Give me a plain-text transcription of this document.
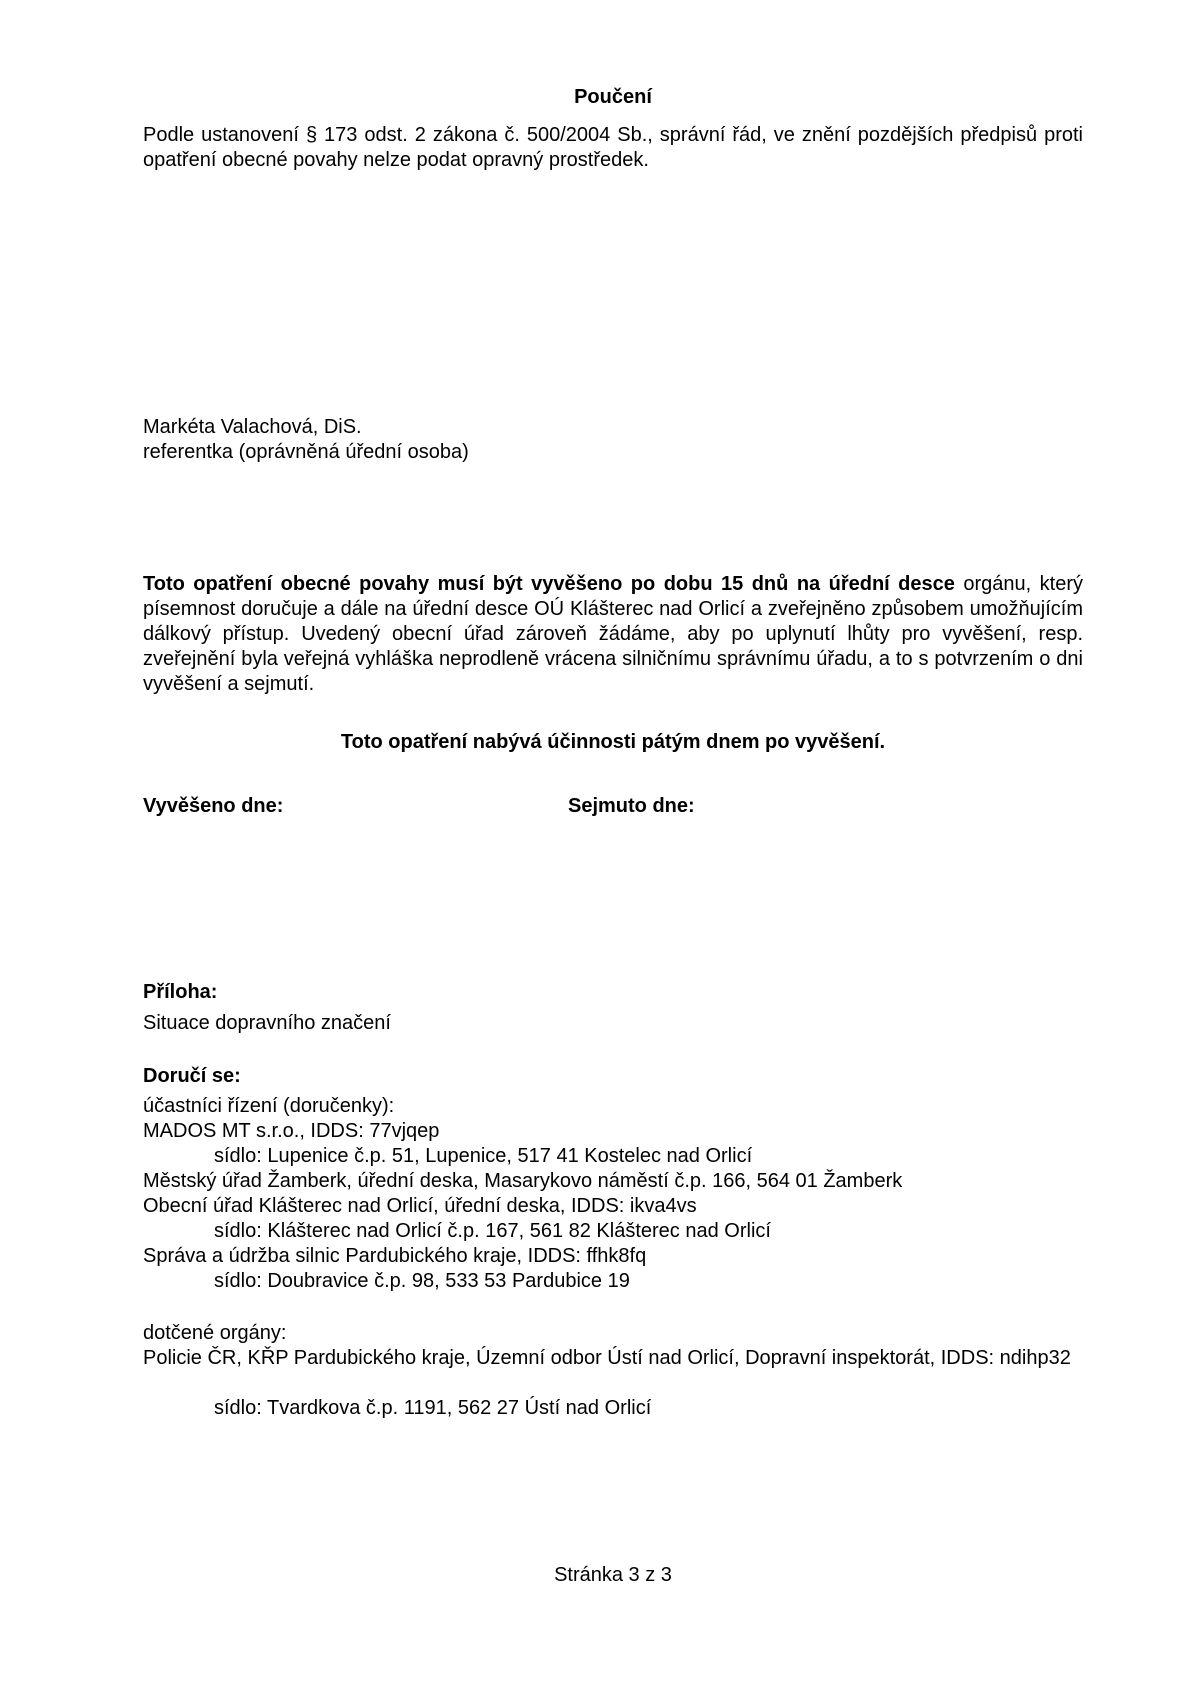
Poučení

Podle ustanovení § 173 odst. 2 zákona č. 500/2004 Sb., správní řád, ve znění pozdějších předpisů proti opatření obecné povahy nelze podat opravný prostředek.

Markéta Valachová, DiS.
referentka (oprávněná úřední osoba)

Toto opatření obecné povahy musí být vyvěšeno po dobu 15 dnů na úřední desce orgánu, který písemnost doručuje a dále na úřední desce OÚ Klášterec nad Orlicí a zveřejněno způsobem umožňujícím dálkový přístup. Uvedený obecní úřad zároveň žádáme, aby po uplynutí lhůty pro vyvěšení, resp. zveřejnění byla veřejná vyhláška neprodleně vrácena silničnímu správnímu úřadu, a to s potvrzením o dni vyvěšení a sejmutí.

Toto opatření nabývá účinnosti pátým dnem po vyvěšení.
Vyvěšeno dne:	Sejmuto dne:
Příloha:
Situace dopravního značení
Doručí se:
účastníci řízení (doručenky):
MADOS MT s.r.o., IDDS: 77vjqep
sídlo: Lupenice č.p. 51, Lupenice, 517 41 Kostelec nad Orlicí
Městský úřad Žamberk, úřední deska, Masarykovo náměstí č.p. 166, 564 01 Žamberk
Obecní úřad Klášterec nad Orlicí, úřední deska, IDDS: ikva4vs
sídlo: Klášterec nad Orlicí č.p. 167, 561 82 Klášterec nad Orlicí
Správa a údržba silnic Pardubického kraje, IDDS: ffhk8fq
sídlo: Doubravice č.p. 98, 533 53 Pardubice 19
dotčené orgány:

Policie ČR, KŘP Pardubického kraje, Územní odbor Ústí nad Orlicí, Dopravní inspektorát, IDDS: ndihp32

sídlo: Tvardkova č.p. 1191, 562 27 Ústí nad Orlicí
Stránka 3 z 3
